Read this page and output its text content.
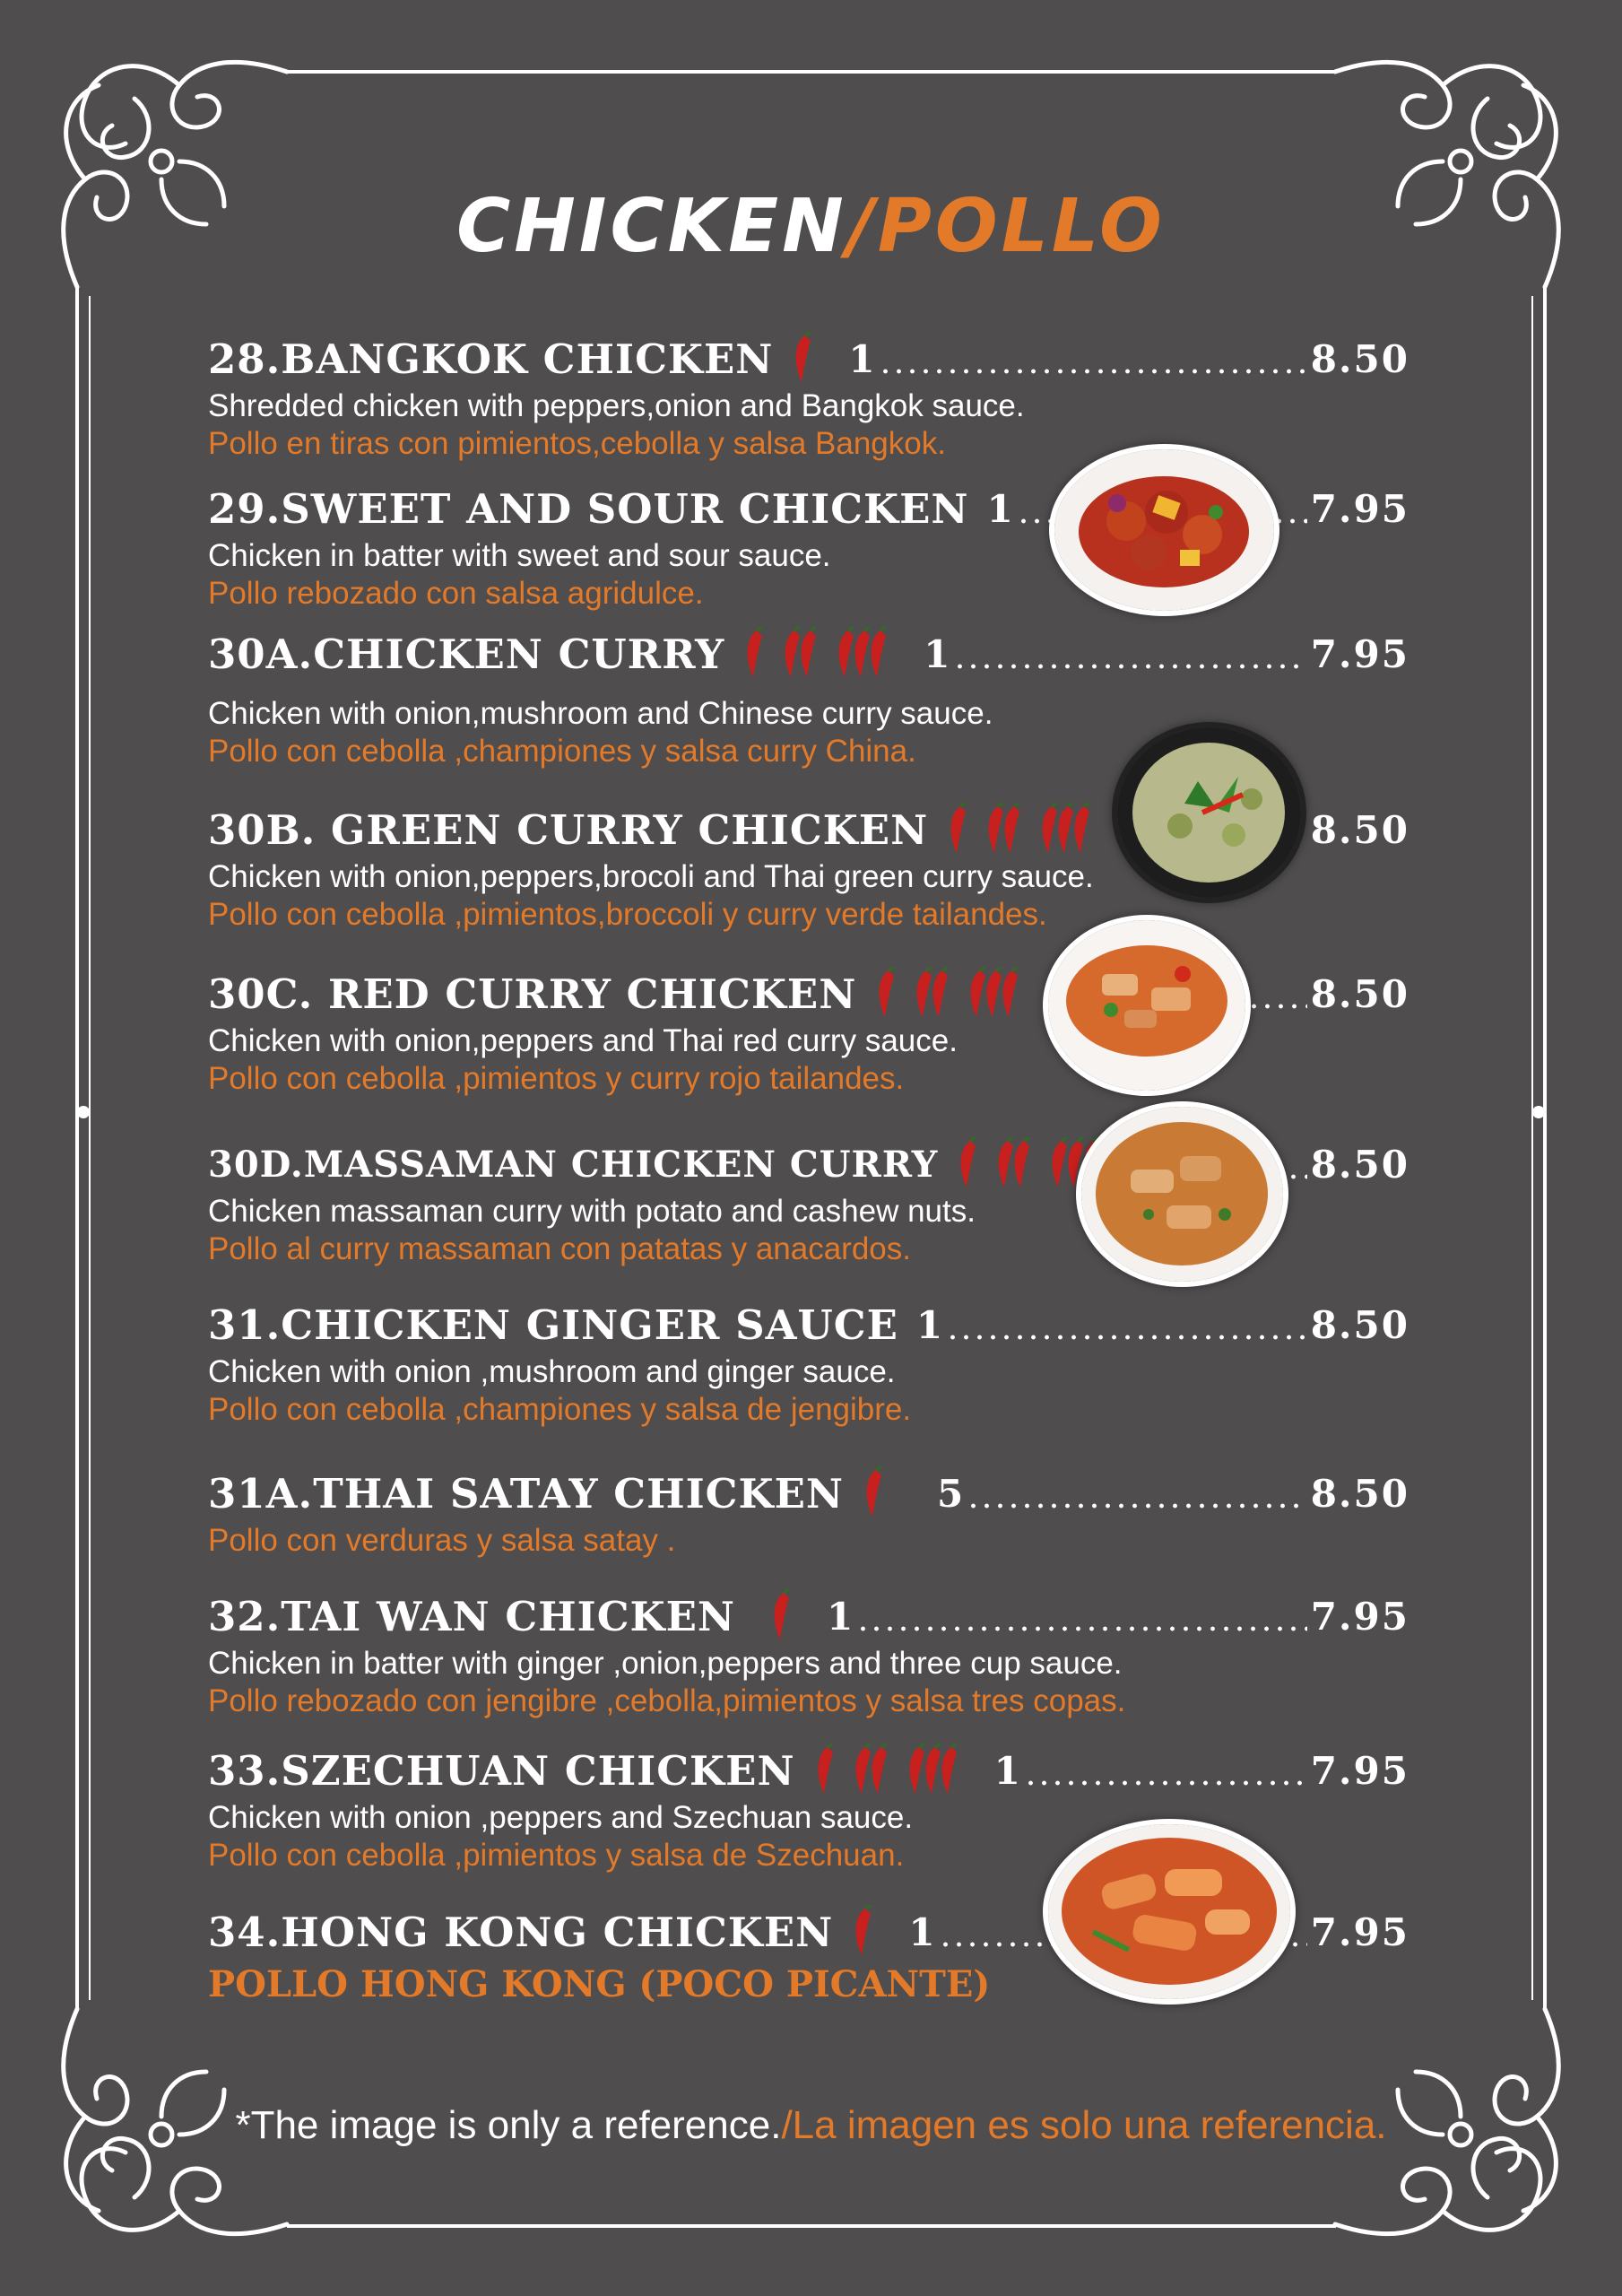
CHICKEN/POLLO
28.BANGKOK CHICKEN 1	8.50
Shredded chicken with peppers,onion and Bangkok sauce.
Pollo en tiras con pimientos,cebolla y salsa Bangkok.
29.SWEET AND SOUR CHICKEN 1	7.95
Chicken in batter with sweet and sour sauce.
Pollo rebozado con salsa agridulce.
30A.CHICKEN CURRY	1	7.95
Chicken with onion,mushroom and Chinese curry sauce.
Pollo con cebolla ,championes y salsa curry China.
30B. GREEN CURRY CHICKEN	8.50
Chicken with onion,peppers,brocoli and Thai green curry sauce.
Pollo con cebolla ,pimientos,broccoli y curry verde tailandes.
30C. RED CURRY CHICKEN	8.50
Chicken with onion,peppers and Thai red curry sauce.
Pollo con cebolla ,pimientos y curry rojo tailandes.
30D.MASSAMAN CHICKEN CURRY	8.50
Chicken massaman curry with potato and cashew nuts.
Pollo al curry massaman con patatas y anacardos.
31.CHICKEN GINGER SAUCE 1	8.50
Chicken with onion ,mushroom and ginger sauce.
Pollo con cebolla ,championes y salsa de jengibre.
31A.THAI SATAY CHICKEN 5	8.50
Pollo con verduras y salsa satay .
32.TAI WAN CHICKEN 1	7.95
Chicken in batter with ginger ,onion,peppers and three cup sauce.
Pollo rebozado con jengibre ,cebolla,pimientos y salsa tres copas.
33.SZECHUAN CHICKEN	1	7.95
Chicken with onion ,peppers and Szechuan sauce.
Pollo con cebolla ,pimientos y salsa de Szechuan.
34.HONG KONG CHICKEN 1	7.95
POLLO HONG KONG (POCO PICANTE)
*The image is only a reference./La imagen es solo una referencia.
